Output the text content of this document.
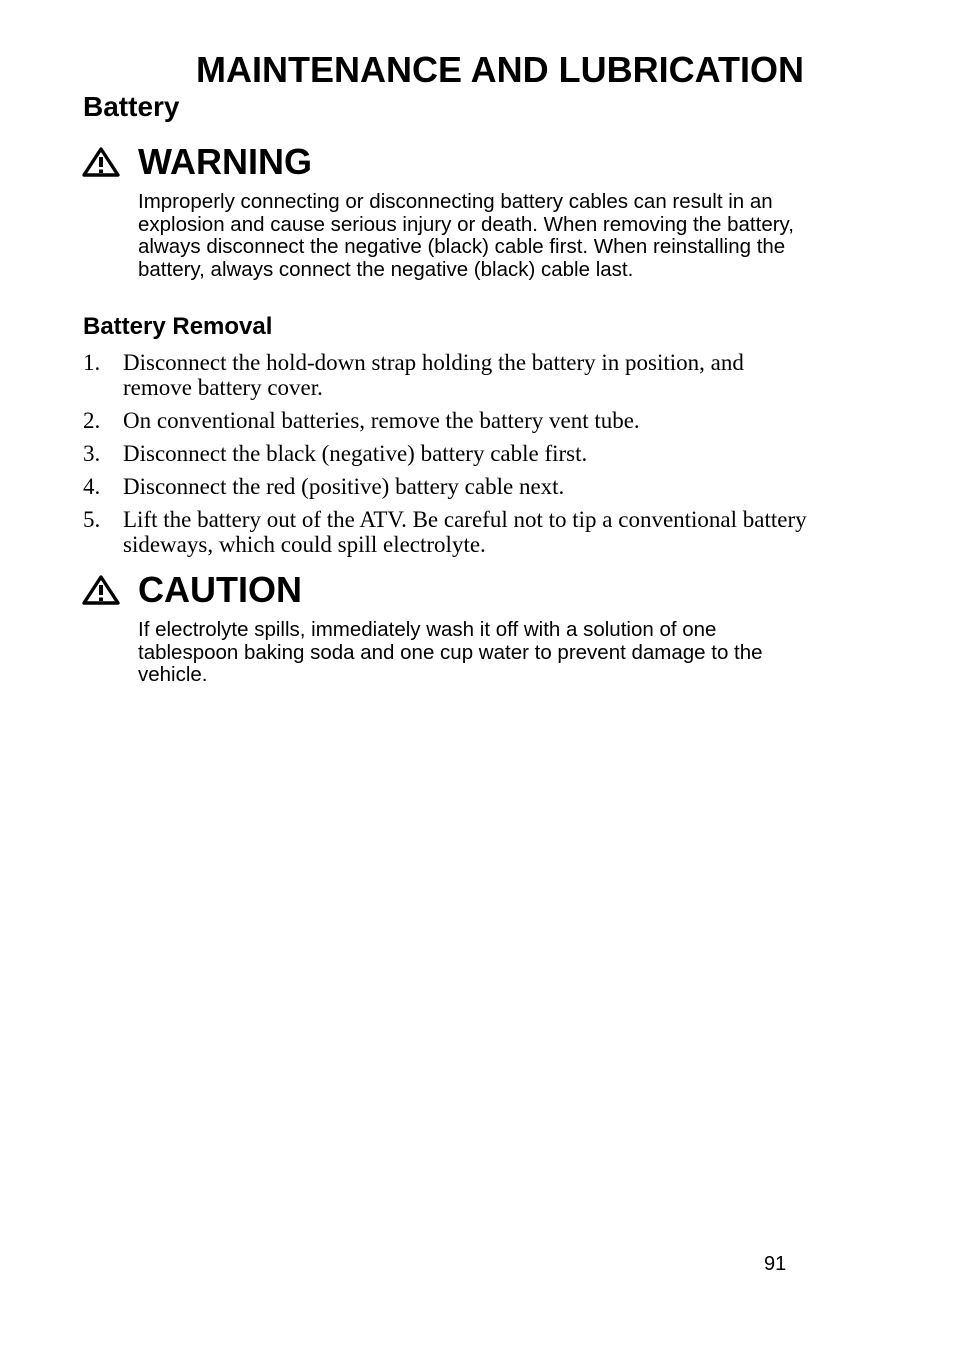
MAINTENANCE AND LUBRICATION
Battery
WARNING

Improperly connecting or disconnecting battery cables can result in an explosion and cause serious injury or death. When removing the battery, always disconnect the negative (black) cable first. When reinstalling the battery, always connect the negative (black) cable last.

Battery Removal
1. Disconnect the hold-down strap holding the battery in position, and remove battery cover.
2. On conventional batteries, remove the battery vent tube.
3. Disconnect the black (negative) battery cable first.
4. Disconnect the red (positive) battery cable next.
5. Lift the battery out of the ATV. Be careful not to tip a conventional battery sideways, which could spill electrolyte.
CAUTION

If electrolyte spills, immediately wash it off with a solution of one tablespoon baking soda and one cup water to prevent damage to the vehicle.

91
